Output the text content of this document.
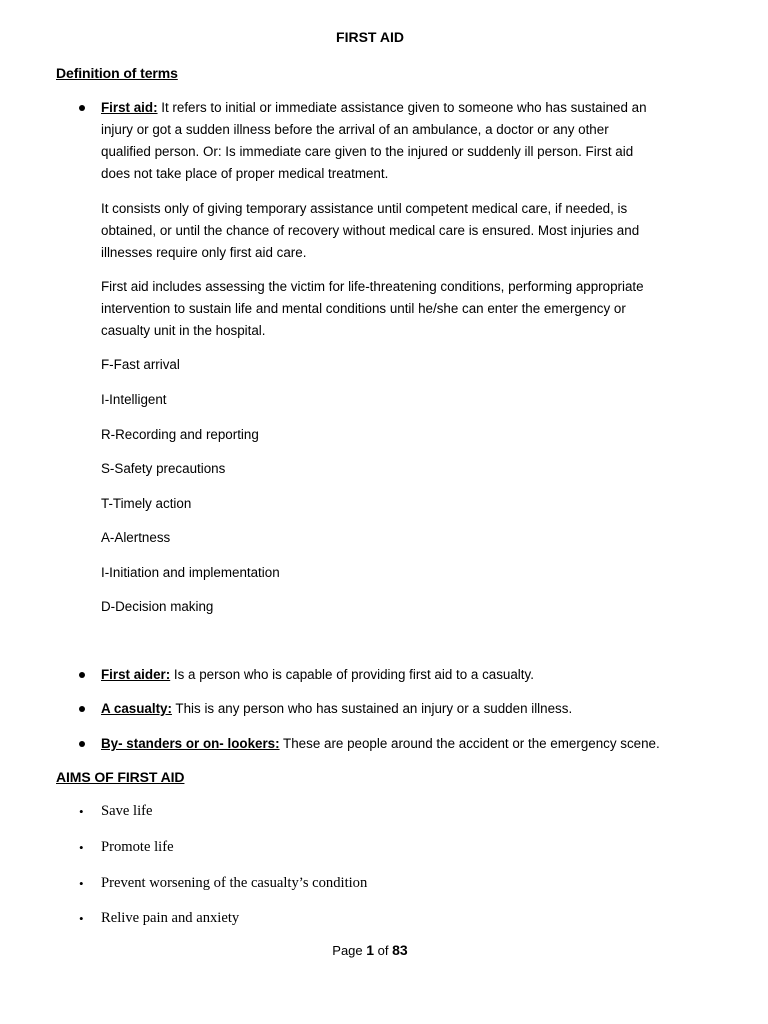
FIRST AID
Definition of terms
First aid: It refers to initial or immediate assistance given to someone who has sustained an
injury or got a sudden illness before the arrival of an ambulance, a doctor or any other
qualified person. Or: Is immediate care given to the injured or suddenly ill person. First aid
does not take place of proper medical treatment.
It consists only of giving temporary assistance until competent medical care, if needed, is
obtained, or until the chance of recovery without medical care is ensured. Most injuries and
illnesses require only first aid care.
First aid includes assessing the victim for life-threatening conditions, performing appropriate
intervention to sustain life and mental conditions until he/she can enter the emergency or
casualty unit in the hospital.
F-Fast arrival
I-Intelligent
R-Recording and reporting
S-Safety precautions
T-Timely action
A-Alertness
I-Initiation and implementation
D-Decision making
First aider: Is a person who is capable of providing first aid to a casualty.
A casualty: This is any person who has sustained an injury or a sudden illness.
By- standers or on- lookers: These are people around the accident or the emergency scene.
AIMS OF FIRST AID
• Save life
• Promote life
• Prevent worsening of the casualty’s condition
• Relive pain and anxiety
Page 1 of 83
